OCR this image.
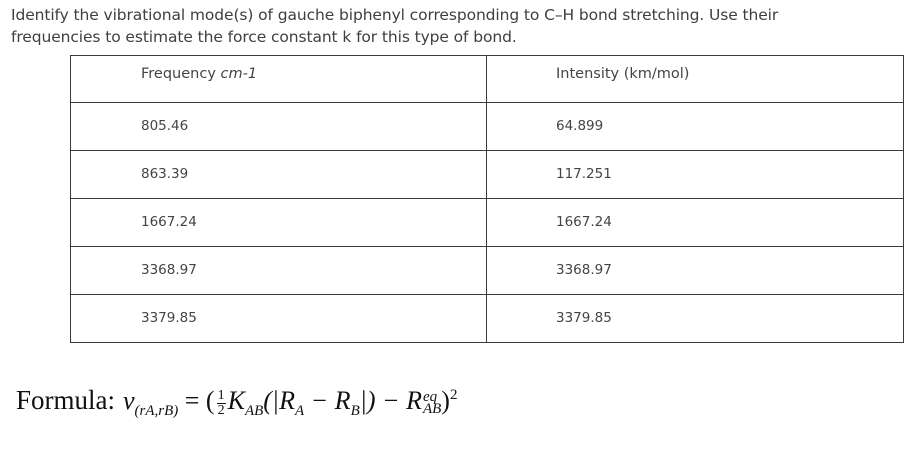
Identify the vibrational mode(s) of gauche biphenyl corresponding to C–H bond stretching. Use their

frequencies to estimate the force constant k for this type of bond.

Frequency cm-1	Intensity (km/mol)

805.46	64.899

863.39	117.251

1667.24	1667.24

3368.97	3368.97

3379.85	3379.85
Formula: $v_{(rA,rB)}$ = ( $\frac{1}{2} K_{AB}(|R_A - R_B|) - R$ eq
AB )$^2$
